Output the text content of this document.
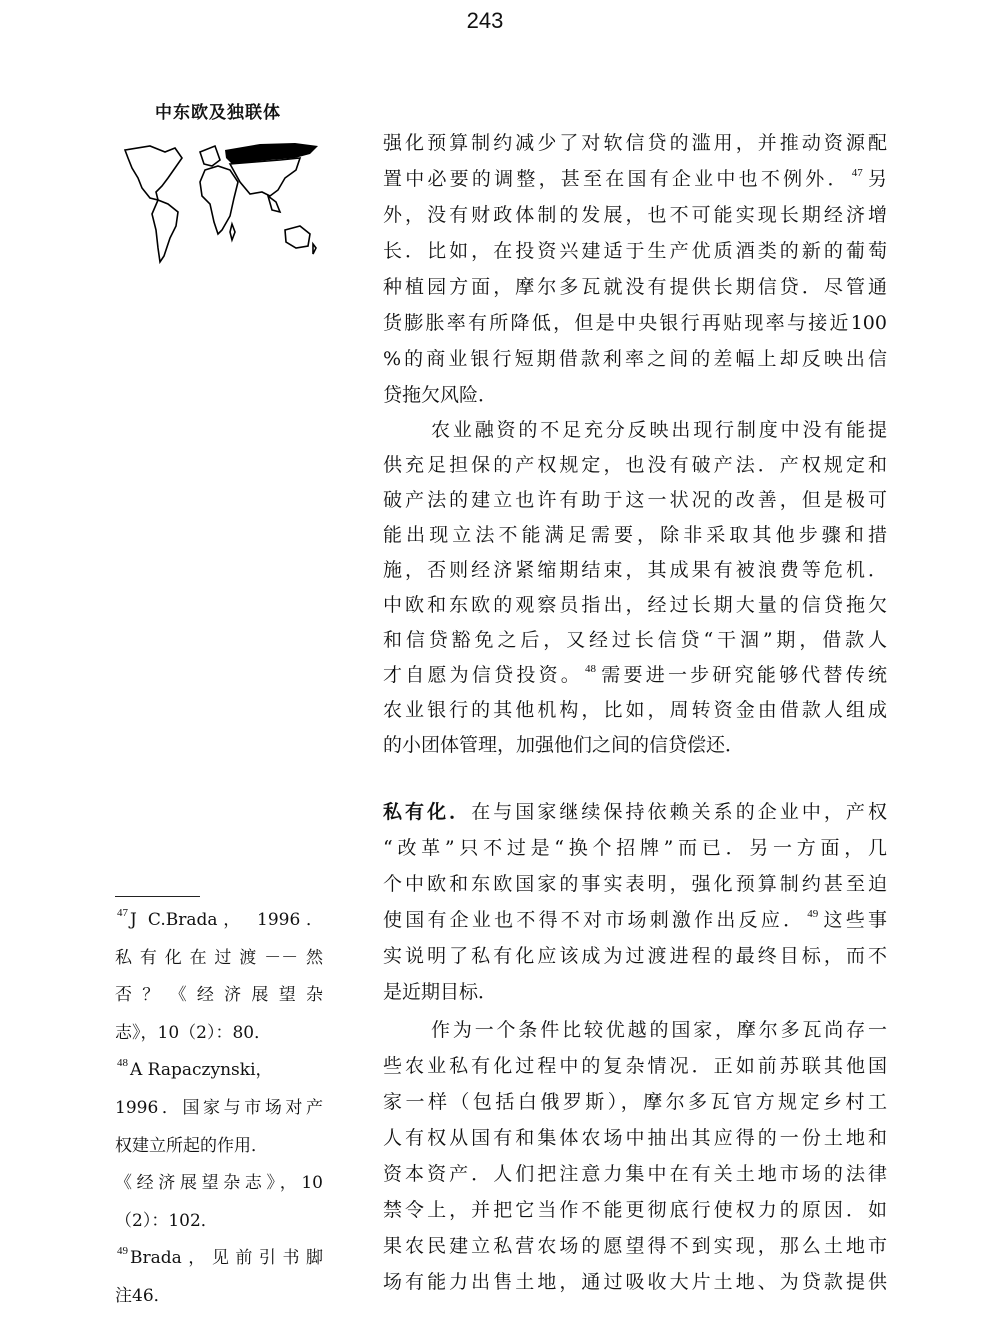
243
中东欧及独联体
强化预算制约减少了对软信贷的滥用，并推动资源配
置中必要的调整，甚至在国有企业中也不例外． $^{47}$ 另
外，没有财政体制的发展，也不可能实现长期经济增
长．比如，在投资兴建适于生产优质酒类的新的葡萄
种植园方面，摩尔多瓦就没有提供长期信贷．尽管通
货膨胀率有所降低，但是中央银行再贴现率与接近100
%的商业银行短期借款利率之间的差幅上却反映出信
贷拖欠风险．
农业融资的不足充分反映出现行制度中没有能提
供充足担保的产权规定，也没有破产法．产权规定和
破产法的建立也许有助于这一状况的改善，但是极可
能出现立法不能满足需要，除非采取其他步骤和措
施，否则经济紧缩期结束，其成果有被浪费等危机．
中欧和东欧的观察员指出，经过长期大量的信贷拖欠
和信贷豁免之后，又经过长信贷“干涸”期，借款人
才自愿为信贷投资。 $^{48}$ 需要进一步研究能够代替传统
农业银行的其他机构，比如，周转资金由借款人组成
的小团体管理，加强他们之间的信贷偿还．
私有化．在与国家继续保持依赖关系的企业中，产权
“改革”只不过是“换个招牌”而已．另一方面，几
个中欧和东欧国家的事实表明，强化预算制约甚至迫
使国有企业也不得不对市场刺激作出反应． $^{49}$ 这些事
实说明了私有化应该成为过渡进程的最终目标，而不
是近期目标．
作为一个条件比较优越的国家，摩尔多瓦尚存一
些农业私有化过程中的复杂情况．正如前苏联其他国
家一样（包括白俄罗斯），摩尔多瓦官方规定乡村工
人有权从国有和集体农场中抽出其应得的一份土地和
资本资产．人们把注意力集中在有关土地市场的法律
禁令上，并把它当作不能更彻底行使权力的原因．如
果农民建立私营农场的愿望得不到实现，那么土地市
场有能力出售土地，通过吸收大片土地、为贷款提供
$^{47}$ J C.Brada， 1996．
私有化在过渡－－然
否？《经济展望杂
志》，10（2）：80．
$^{48}$ A Rapaczynski，
1996．国家与市场对产
权建立所起的作用．
《经济展望杂志》，10
（2）：102．
$^{49}$ Brada，见前引书脚
注46．
